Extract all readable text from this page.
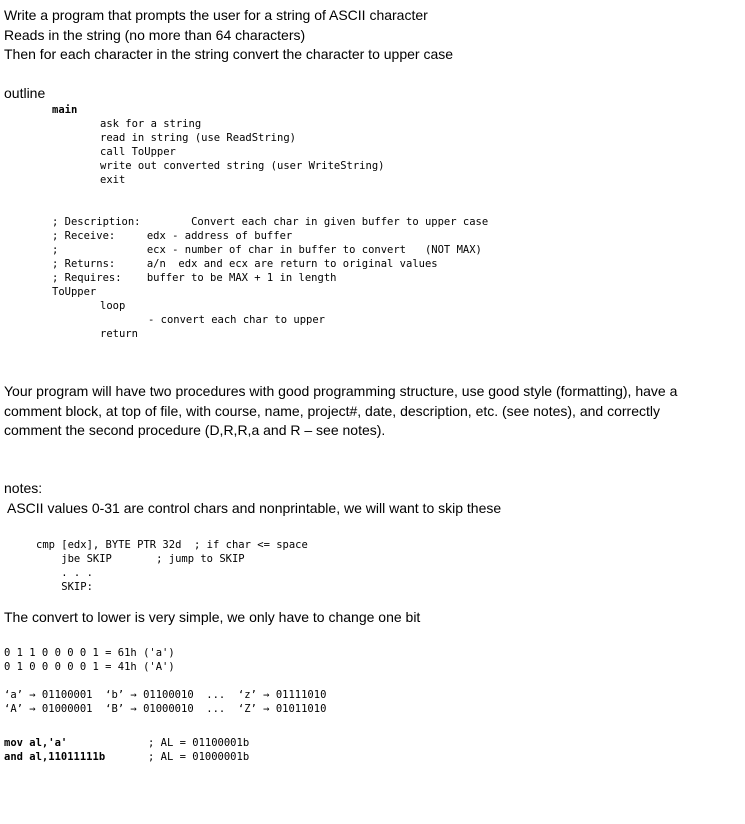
Write a program that prompts the user for a string of ASCII character
Reads in the string (no more than 64 characters)
Then for each character in the string convert the character to upper case
outline
main
ask for a string
read in string (use ReadString)
call ToUpper
write out converted string (user WriteString)
exit
; Description:        Convert each char in given buffer to upper case
; Receive:     edx - address of buffer
;              ecx - number of char in buffer to convert   (NOT MAX)
; Returns:     a/n  edx and ecx are return to original values
; Requires:    buffer to be MAX + 1 in length
ToUpper
loop
- convert each char to upper
return
Your program will have two procedures with good programming structure, use good style (formatting), have a
comment block, at top of file, with course, name, project#, date, description, etc. (see notes), and correctly
comment the second procedure (D,R,R,a and R – see notes).
notes:
ASCII values 0-31 are control chars and nonprintable, we will want to skip these
cmp [edx], BYTE PTR 32d  ; if char <= space
jbe SKIP       ; jump to SKIP
. . .
SKIP:
The convert to lower is very simple, we only have to change one bit
0 1 1 0 0 0 0 1 = 61h ('a')
0 1 0 0 0 0 0 1 = 41h ('A')
‘a’ → 01100001  ‘b’ → 01100010  ...  ‘z’ → 01111010
‘A’ → 01000001  ‘B’ → 01000010  ...  ‘Z’ → 01011010
mov al,'a'
and al,11011111b
; AL = 01100001b
; AL = 01000001b
